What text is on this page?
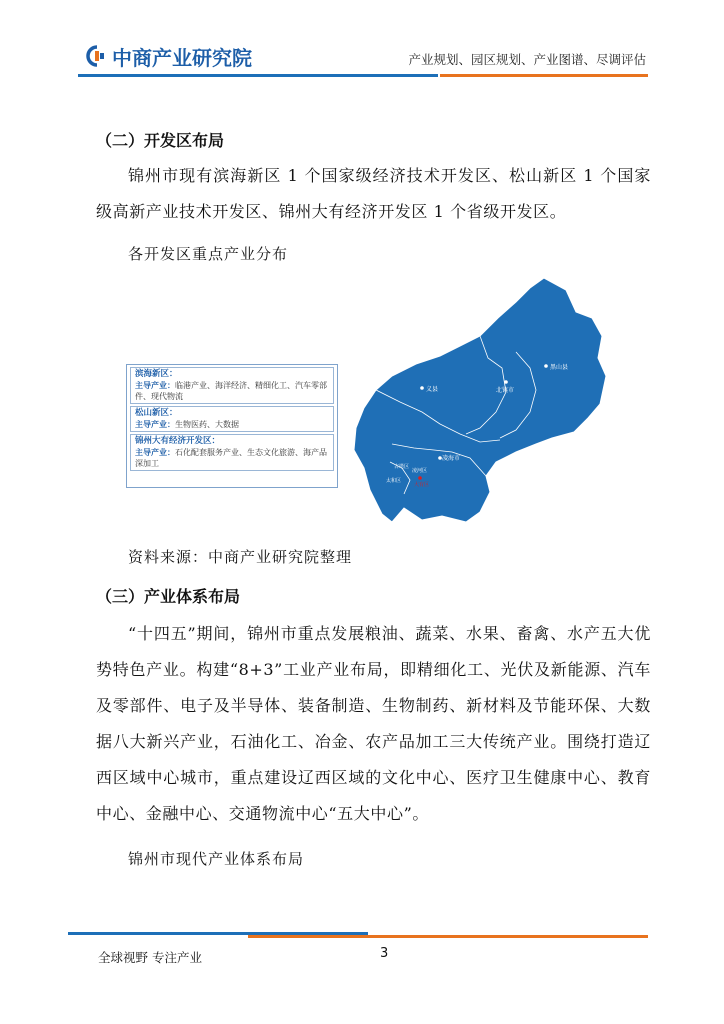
中商产业研究院	产业规划、园区规划、产业图谱、尽调评估
（二）开发区布局

锦州市现有滨海新区 1 个国家级经济技术开发区、松山新区 1 个国家级高新产业技术开发区、锦州大有经济开发区 1 个省级开发区。

各开发区重点产业分布
黑山县
义县	北镇市
凌海市
古塔区
凌河区
太和区
大有区
滨海新区：
主导产业：临港产业、海洋经济、精细化工、汽车零部件、现代物流
松山新区：
主导产业：生物医药、大数据
锦州大有经济开发区：
主导产业：石化配套服务产业、生态文化旅游、海产品深加工
资料来源：中商产业研究院整理
（三）产业体系布局

“十四五”期间，锦州市重点发展粮油、蔬菜、水果、畜禽、水产五大优势特色产业。构建“8+3”工业产业布局，即精细化工、光伏及新能源、汽车及零部件、电子及半导体、装备制造、生物制药、新材料及节能环保、大数据八大新兴产业，石油化工、冶金、农产品加工三大传统产业。围绕打造辽西区域中心城市，重点建设辽西区域的文化中心、医疗卫生健康中心、教育中心、金融中心、交通物流中心“五大中心”。

锦州市现代产业体系布局
全球视野 专注产业	3
